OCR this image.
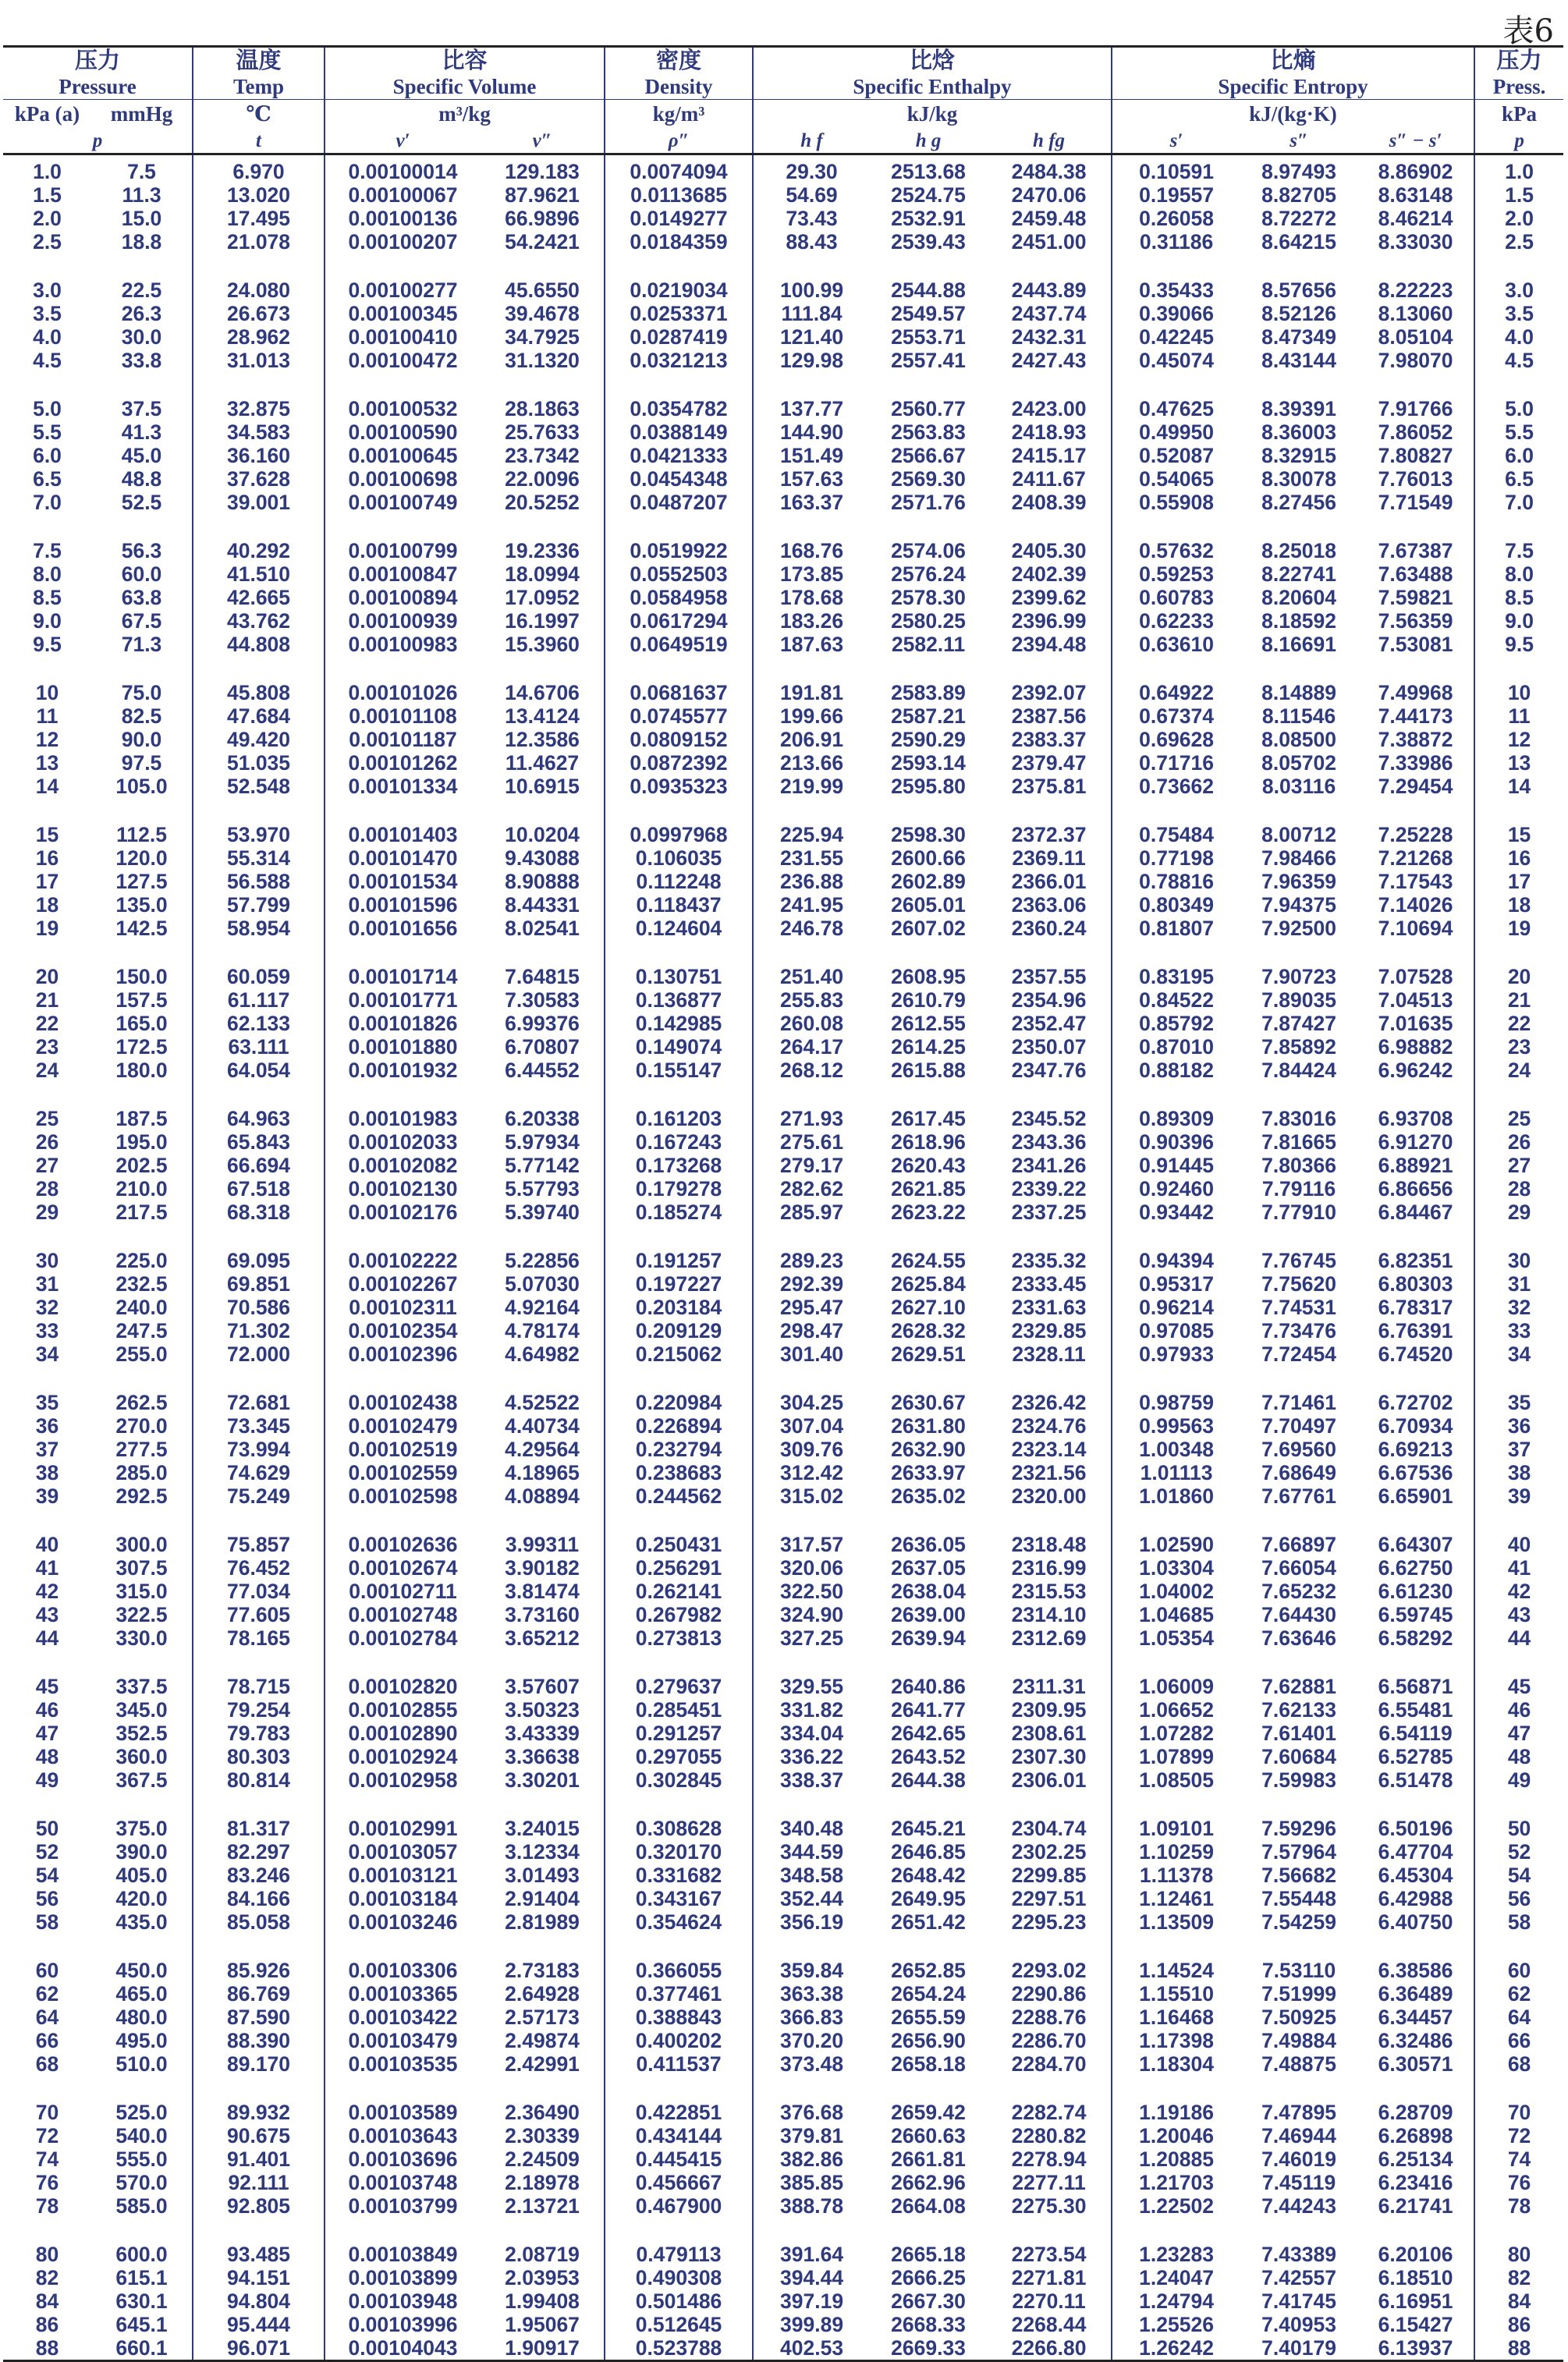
表6
压力		温度	比容		密度	比焓			比熵			压力
Pressure		Temp	Specific Volume		Density	Specific Enthalpy			Specific Entropy			Press.
kPa (a)	mmHg	℃	m³/kg		kg/m³	kJ/kg			kJ/(kg·K)			kPa
p		t	v′	v″	ρ″	h f	h g	h fg	s′	s″	s″ − s′	p
1.0	7.5	6.970	0.00100014	129.183	0.0074094	29.30	2513.68	2484.38	0.10591	8.97493	8.86902	1.0
1.5	11.3	13.020	0.00100067	87.9621	0.0113685	54.69	2524.75	2470.06	0.19557	8.82705	8.63148	1.5
2.0	15.0	17.495	0.00100136	66.9896	0.0149277	73.43	2532.91	2459.48	0.26058	8.72272	8.46214	2.0
2.5	18.8	21.078	0.00100207	54.2421	0.0184359	88.43	2539.43	2451.00	0.31186	8.64215	8.33030	2.5
3.0	22.5	24.080	0.00100277	45.6550	0.0219034	100.99	2544.88	2443.89	0.35433	8.57656	8.22223	3.0
3.5	26.3	26.673	0.00100345	39.4678	0.0253371	111.84	2549.57	2437.74	0.39066	8.52126	8.13060	3.5
4.0	30.0	28.962	0.00100410	34.7925	0.0287419	121.40	2553.71	2432.31	0.42245	8.47349	8.05104	4.0
4.5	33.8	31.013	0.00100472	31.1320	0.0321213	129.98	2557.41	2427.43	0.45074	8.43144	7.98070	4.5
5.0	37.5	32.875	0.00100532	28.1863	0.0354782	137.77	2560.77	2423.00	0.47625	8.39391	7.91766	5.0
5.5	41.3	34.583	0.00100590	25.7633	0.0388149	144.90	2563.83	2418.93	0.49950	8.36003	7.86052	5.5
6.0	45.0	36.160	0.00100645	23.7342	0.0421333	151.49	2566.67	2415.17	0.52087	8.32915	7.80827	6.0
6.5	48.8	37.628	0.00100698	22.0096	0.0454348	157.63	2569.30	2411.67	0.54065	8.30078	7.76013	6.5
7.0	52.5	39.001	0.00100749	20.5252	0.0487207	163.37	2571.76	2408.39	0.55908	8.27456	7.71549	7.0
7.5	56.3	40.292	0.00100799	19.2336	0.0519922	168.76	2574.06	2405.30	0.57632	8.25018	7.67387	7.5
8.0	60.0	41.510	0.00100847	18.0994	0.0552503	173.85	2576.24	2402.39	0.59253	8.22741	7.63488	8.0
8.5	63.8	42.665	0.00100894	17.0952	0.0584958	178.68	2578.30	2399.62	0.60783	8.20604	7.59821	8.5
9.0	67.5	43.762	0.00100939	16.1997	0.0617294	183.26	2580.25	2396.99	0.62233	8.18592	7.56359	9.0
9.5	71.3	44.808	0.00100983	15.3960	0.0649519	187.63	2582.11	2394.48	0.63610	8.16691	7.53081	9.5
10	75.0	45.808	0.00101026	14.6706	0.0681637	191.81	2583.89	2392.07	0.64922	8.14889	7.49968	10
11	82.5	47.684	0.00101108	13.4124	0.0745577	199.66	2587.21	2387.56	0.67374	8.11546	7.44173	11
12	90.0	49.420	0.00101187	12.3586	0.0809152	206.91	2590.29	2383.37	0.69628	8.08500	7.38872	12
13	97.5	51.035	0.00101262	11.4627	0.0872392	213.66	2593.14	2379.47	0.71716	8.05702	7.33986	13
14	105.0	52.548	0.00101334	10.6915	0.0935323	219.99	2595.80	2375.81	0.73662	8.03116	7.29454	14
15	112.5	53.970	0.00101403	10.0204	0.0997968	225.94	2598.30	2372.37	0.75484	8.00712	7.25228	15
16	120.0	55.314	0.00101470	9.43088	0.106035	231.55	2600.66	2369.11	0.77198	7.98466	7.21268	16
17	127.5	56.588	0.00101534	8.90888	0.112248	236.88	2602.89	2366.01	0.78816	7.96359	7.17543	17
18	135.0	57.799	0.00101596	8.44331	0.118437	241.95	2605.01	2363.06	0.80349	7.94375	7.14026	18
19	142.5	58.954	0.00101656	8.02541	0.124604	246.78	2607.02	2360.24	0.81807	7.92500	7.10694	19
20	150.0	60.059	0.00101714	7.64815	0.130751	251.40	2608.95	2357.55	0.83195	7.90723	7.07528	20
21	157.5	61.117	0.00101771	7.30583	0.136877	255.83	2610.79	2354.96	0.84522	7.89035	7.04513	21
22	165.0	62.133	0.00101826	6.99376	0.142985	260.08	2612.55	2352.47	0.85792	7.87427	7.01635	22
23	172.5	63.111	0.00101880	6.70807	0.149074	264.17	2614.25	2350.07	0.87010	7.85892	6.98882	23
24	180.0	64.054	0.00101932	6.44552	0.155147	268.12	2615.88	2347.76	0.88182	7.84424	6.96242	24
25	187.5	64.963	0.00101983	6.20338	0.161203	271.93	2617.45	2345.52	0.89309	7.83016	6.93708	25
26	195.0	65.843	0.00102033	5.97934	0.167243	275.61	2618.96	2343.36	0.90396	7.81665	6.91270	26
27	202.5	66.694	0.00102082	5.77142	0.173268	279.17	2620.43	2341.26	0.91445	7.80366	6.88921	27
28	210.0	67.518	0.00102130	5.57793	0.179278	282.62	2621.85	2339.22	0.92460	7.79116	6.86656	28
29	217.5	68.318	0.00102176	5.39740	0.185274	285.97	2623.22	2337.25	0.93442	7.77910	6.84467	29
30	225.0	69.095	0.00102222	5.22856	0.191257	289.23	2624.55	2335.32	0.94394	7.76745	6.82351	30
31	232.5	69.851	0.00102267	5.07030	0.197227	292.39	2625.84	2333.45	0.95317	7.75620	6.80303	31
32	240.0	70.586	0.00102311	4.92164	0.203184	295.47	2627.10	2331.63	0.96214	7.74531	6.78317	32
33	247.5	71.302	0.00102354	4.78174	0.209129	298.47	2628.32	2329.85	0.97085	7.73476	6.76391	33
34	255.0	72.000	0.00102396	4.64982	0.215062	301.40	2629.51	2328.11	0.97933	7.72454	6.74520	34
35	262.5	72.681	0.00102438	4.52522	0.220984	304.25	2630.67	2326.42	0.98759	7.71461	6.72702	35
36	270.0	73.345	0.00102479	4.40734	0.226894	307.04	2631.80	2324.76	0.99563	7.70497	6.70934	36
37	277.5	73.994	0.00102519	4.29564	0.232794	309.76	2632.90	2323.14	1.00348	7.69560	6.69213	37
38	285.0	74.629	0.00102559	4.18965	0.238683	312.42	2633.97	2321.56	1.01113	7.68649	6.67536	38
39	292.5	75.249	0.00102598	4.08894	0.244562	315.02	2635.02	2320.00	1.01860	7.67761	6.65901	39
40	300.0	75.857	0.00102636	3.99311	0.250431	317.57	2636.05	2318.48	1.02590	7.66897	6.64307	40
41	307.5	76.452	0.00102674	3.90182	0.256291	320.06	2637.05	2316.99	1.03304	7.66054	6.62750	41
42	315.0	77.034	0.00102711	3.81474	0.262141	322.50	2638.04	2315.53	1.04002	7.65232	6.61230	42
43	322.5	77.605	0.00102748	3.73160	0.267982	324.90	2639.00	2314.10	1.04685	7.64430	6.59745	43
44	330.0	78.165	0.00102784	3.65212	0.273813	327.25	2639.94	2312.69	1.05354	7.63646	6.58292	44
45	337.5	78.715	0.00102820	3.57607	0.279637	329.55	2640.86	2311.31	1.06009	7.62881	6.56871	45
46	345.0	79.254	0.00102855	3.50323	0.285451	331.82	2641.77	2309.95	1.06652	7.62133	6.55481	46
47	352.5	79.783	0.00102890	3.43339	0.291257	334.04	2642.65	2308.61	1.07282	7.61401	6.54119	47
48	360.0	80.303	0.00102924	3.36638	0.297055	336.22	2643.52	2307.30	1.07899	7.60684	6.52785	48
49	367.5	80.814	0.00102958	3.30201	0.302845	338.37	2644.38	2306.01	1.08505	7.59983	6.51478	49
50	375.0	81.317	0.00102991	3.24015	0.308628	340.48	2645.21	2304.74	1.09101	7.59296	6.50196	50
52	390.0	82.297	0.00103057	3.12334	0.320170	344.59	2646.85	2302.25	1.10259	7.57964	6.47704	52
54	405.0	83.246	0.00103121	3.01493	0.331682	348.58	2648.42	2299.85	1.11378	7.56682	6.45304	54
56	420.0	84.166	0.00103184	2.91404	0.343167	352.44	2649.95	2297.51	1.12461	7.55448	6.42988	56
58	435.0	85.058	0.00103246	2.81989	0.354624	356.19	2651.42	2295.23	1.13509	7.54259	6.40750	58
60	450.0	85.926	0.00103306	2.73183	0.366055	359.84	2652.85	2293.02	1.14524	7.53110	6.38586	60
62	465.0	86.769	0.00103365	2.64928	0.377461	363.38	2654.24	2290.86	1.15510	7.51999	6.36489	62
64	480.0	87.590	0.00103422	2.57173	0.388843	366.83	2655.59	2288.76	1.16468	7.50925	6.34457	64
66	495.0	88.390	0.00103479	2.49874	0.400202	370.20	2656.90	2286.70	1.17398	7.49884	6.32486	66
68	510.0	89.170	0.00103535	2.42991	0.411537	373.48	2658.18	2284.70	1.18304	7.48875	6.30571	68
70	525.0	89.932	0.00103589	2.36490	0.422851	376.68	2659.42	2282.74	1.19186	7.47895	6.28709	70
72	540.0	90.675	0.00103643	2.30339	0.434144	379.81	2660.63	2280.82	1.20046	7.46944	6.26898	72
74	555.0	91.401	0.00103696	2.24509	0.445415	382.86	2661.81	2278.94	1.20885	7.46019	6.25134	74
76	570.0	92.111	0.00103748	2.18978	0.456667	385.85	2662.96	2277.11	1.21703	7.45119	6.23416	76
78	585.0	92.805	0.00103799	2.13721	0.467900	388.78	2664.08	2275.30	1.22502	7.44243	6.21741	78
80	600.0	93.485	0.00103849	2.08719	0.479113	391.64	2665.18	2273.54	1.23283	7.43389	6.20106	80
82	615.1	94.151	0.00103899	2.03953	0.490308	394.44	2666.25	2271.81	1.24047	7.42557	6.18510	82
84	630.1	94.804	0.00103948	1.99408	0.501486	397.19	2667.30	2270.11	1.24794	7.41745	6.16951	84
86	645.1	95.444	0.00103996	1.95067	0.512645	399.89	2668.33	2268.44	1.25526	7.40953	6.15427	86
88	660.1	96.071	0.00104043	1.90917	0.523788	402.53	2669.33	2266.80	1.26242	7.40179	6.13937	88
